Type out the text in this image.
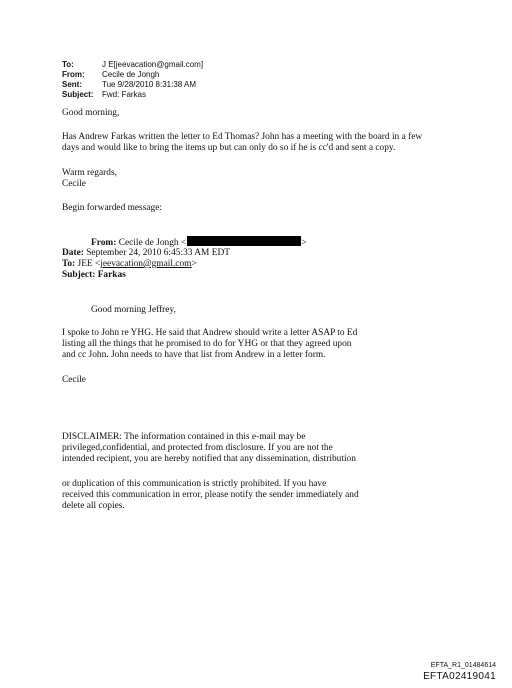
To:	J E[jeevacation@gmail.com]
From:	Cecile de Jongh
Sent:	Tue 9/28/2010 8:31:38 AM
Subject:	Fwd: Farkas
Good morning,
Has Andrew Farkas written the letter to Ed Thomas? John has a meeting with the board in a few
days and would like to bring the items up but can only do so if he is cc'd and sent a copy.
Warm regards,
Cecile
Begin forwarded message:
From: Cecile de Jongh <	>
Date: September 24, 2010 6:45:33 AM EDT
To: JEE <jeevacation@gmail.com>
Subject: Farkas
Good morning Jeffrey,
I spoke to John re YHG. He said that Andrew should write a letter ASAP to Ed
listing all the things that he promised to do for YHG or that they agreed upon
and cc John. John needs to have that list from Andrew in a letter form.
Cecile
DISCLAIMER: The information contained in this e-mail may be
privileged,confidential, and protected from disclosure. If you are not the
intended recipient, you are hereby notified that any dissemination, distribution
or duplication of this communication is strictly prohibited. If you have
received this communication in error, please notify the sender immediately and
delete all copies.
EFTA_R1_01484614
EFTA02419041
